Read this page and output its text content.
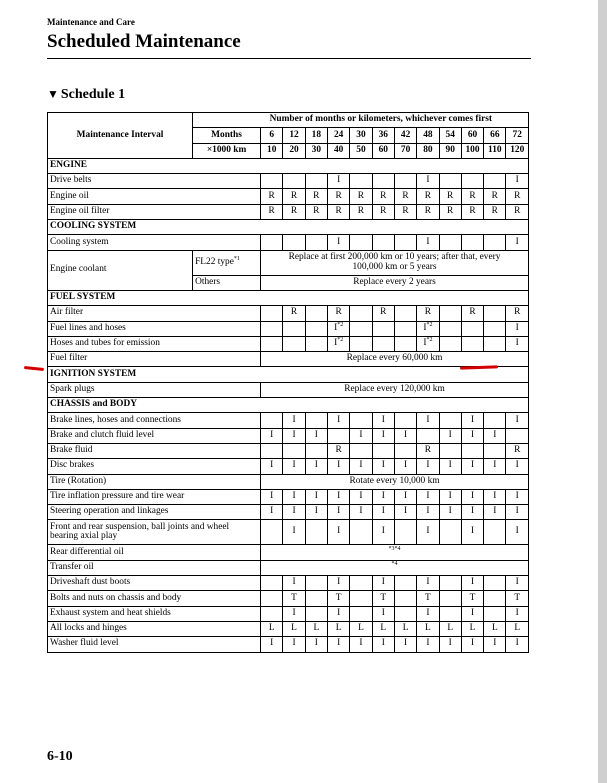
Maintenance and Care
Scheduled Maintenance
▼ Schedule 1
Maintenance Interval	Number of months or kilometers, whichever comes first												
	Months	6	12	18	24	30	36	42	48	54	60	66	72
	×1000 km	10	20	30	40	50	60	70	80	90	100	110	120
ENGINE													
Drive belts					I				I				I
Engine oil		R	R	R	R	R	R	R	R	R	R	R	R
Engine oil filter		R	R	R	R	R	R	R	R	R	R	R	R
COOLING SYSTEM													
Cooling system					I				I				I
Engine coolant	FL22 type$^{*1}$	Replace at first 200,000 km or 10 years; after that, every 100,000 km or 5 years											
	Others	Replace every 2 years											
FUEL SYSTEM													
Air filter			R		R		R		R		R		R
Fuel lines and hoses					$I^{*2}$				$I^{*2}$				I
Hoses and tubes for emission					$I^{*2}$				$I^{*2}$				I
Fuel filter		Replace every 60,000 km											
IGNITION SYSTEM													
Spark plugs		Replace every 120,000 km											
CHASSIS and BODY													
Brake lines, hoses and connections			I		I		I		I		I		I
Brake and clutch fluid level		I	I	I		I	I	I		I	I	I	
Brake fluid					R				R				R
Disc brakes		I	I	I	I	I	I	I	I	I	I	I	I
Tire (Rotation)		Rotate every 10,000 km											
Tire inflation pressure and tire wear		I	I	I	I	I	I	I	I	I	I	I	I
Steering operation and linkages		I	I	I	I	I	I	I	I	I	I	I	I
Front and rear suspension, ball joints and wheel bearing axial play			I		I		I		I		I		I
Rear differential oil		$^{*3*4}$
Transfer oil		$^{*4}$
Driveshaft dust boots			I		I		I		I		I		I
Bolts and nuts on chassis and body			T		T		T		T		T		T
Exhaust system and heat shields			I		I		I		I		I		I
All locks and hinges		L	L	L	L	L	L	L	L	L	L	L	L
Washer fluid level		I	I	I	I	I	I	I	I	I	I	I	I
6-10
